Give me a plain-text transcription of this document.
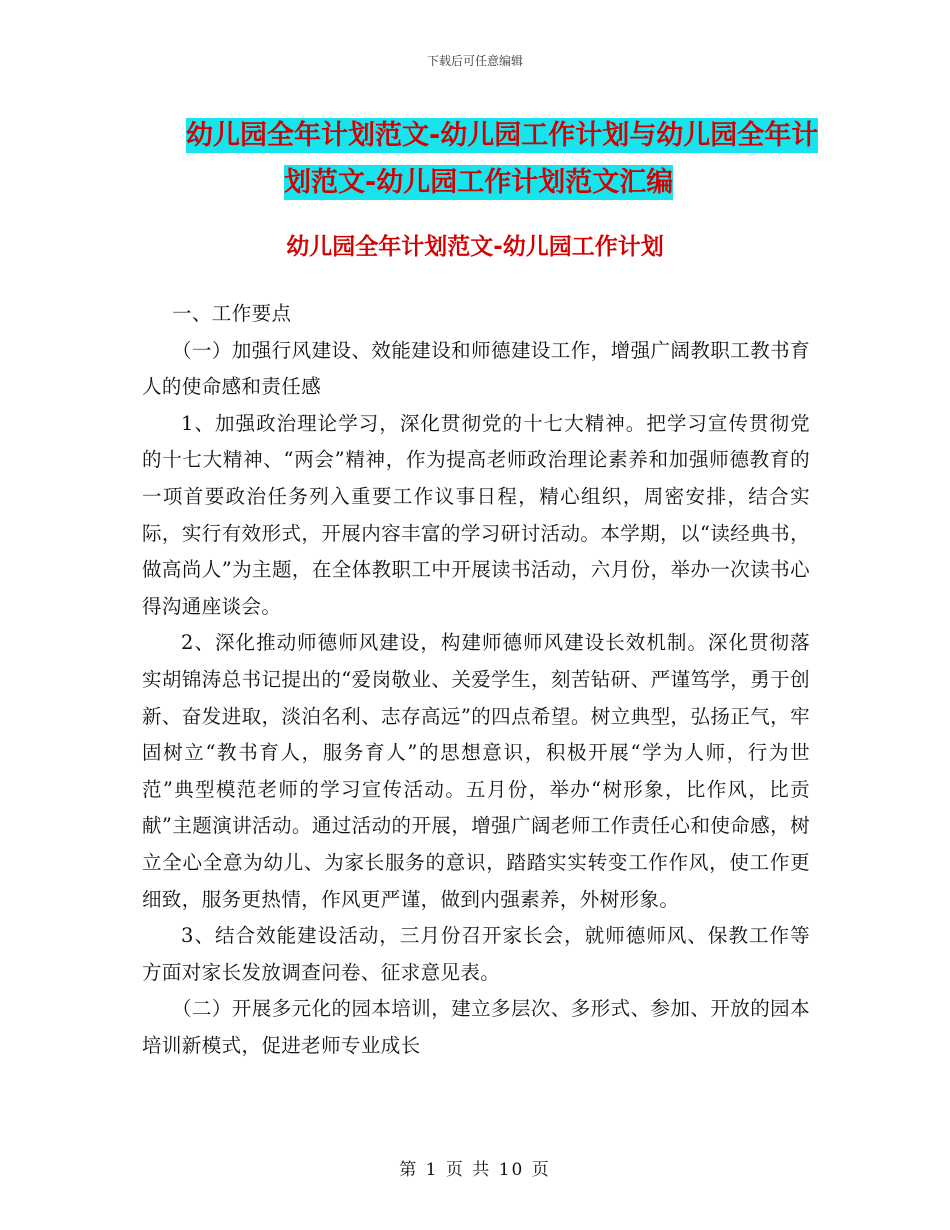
下载后可任意编辑
幼儿园全年计划范文-幼儿园工作计划与幼儿园全年计
划范文-幼儿园工作计划范文汇编
幼儿园全年计划范文-幼儿园工作计划

一、工作要点

（一）加强行风建设、效能建设和师德建设工作，增强广阔教职工教书育人的使命感和责任感

1、加强政治理论学习，深化贯彻党的十七大精神。把学习宣传贯彻党的十七大精神、“两会”精神，作为提高老师政治理论素养和加强师德教育的一项首要政治任务列入重要工作议事日程，精心组织，周密安排，结合实际，实行有效形式，开展内容丰富的学习研讨活动。本学期，以“读经典书，做高尚人”为主题，在全体教职工中开展读书活动，六月份，举办一次读书心得沟通座谈会。

2、深化推动师德师风建设，构建师德师风建设长效机制。深化贯彻落实胡锦涛总书记提出的“爱岗敬业、关爱学生，刻苦钻研、严谨笃学，勇于创新、奋发进取，淡泊名利、志存高远”的四点希望。树立典型，弘扬正气，牢固树立“教书育人，服务育人”的思想意识，积极开展“学为人师，行为世范”典型模范老师的学习宣传活动。五月份，举办“树形象，比作风，比贡献”主题演讲活动。通过活动的开展，增强广阔老师工作责任心和使命感，树立全心全意为幼儿、为家长服务的意识，踏踏实实转变工作作风，使工作更细致，服务更热情，作风更严谨，做到内强素养，外树形象。

3、结合效能建设活动，三月份召开家长会，就师德师风、保教工作等方面对家长发放调查问卷、征求意见表。

（二）开展多元化的园本培训，建立多层次、多形式、参加、开放的园本培训新模式，促进老师专业成长

第 1 页 共 10 页
